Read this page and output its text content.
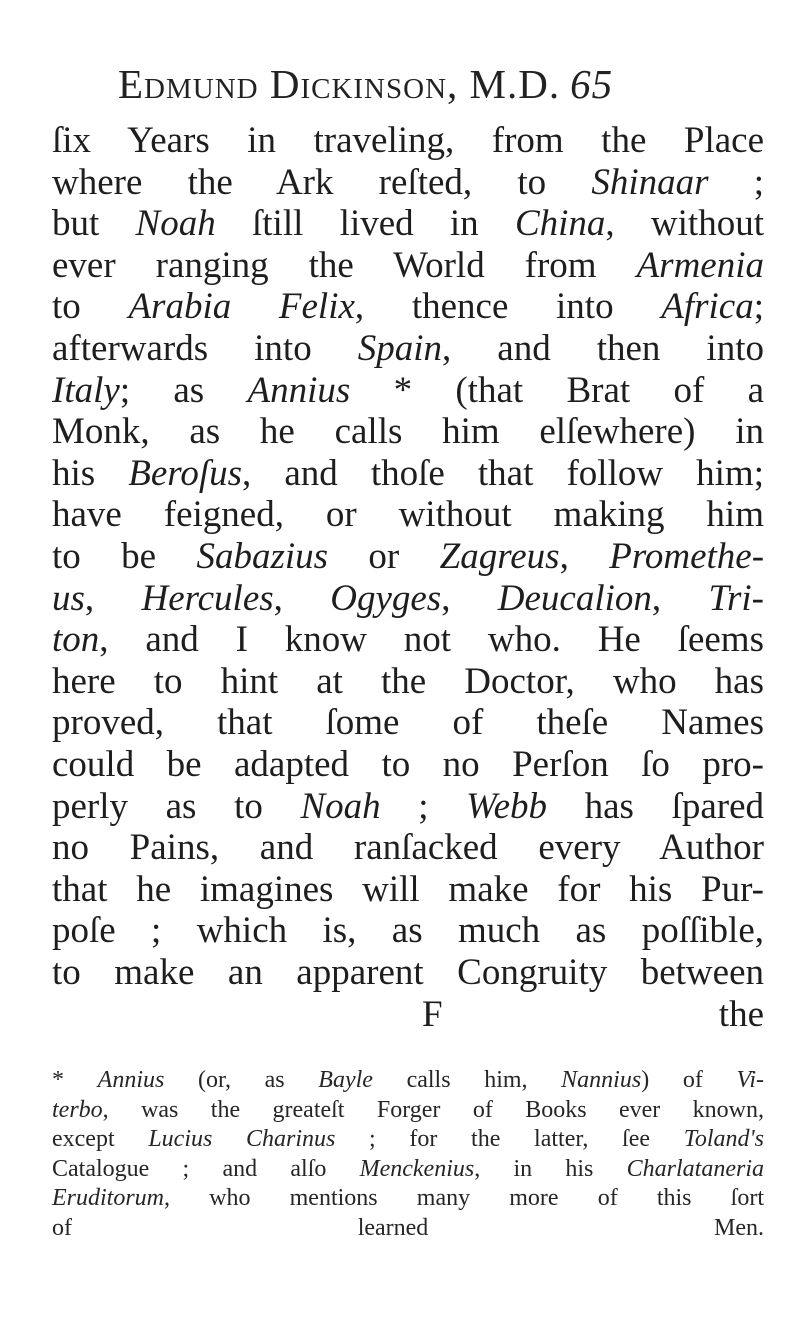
Edmund Dickinson, M.D. 65
ſix Years in traveling, from the Place
where the Ark reſted, to Shinaar ;
but Noah ſtill lived in China, without
ever ranging the World from Armenia
to Arabia Felix, thence into Africa;
afterwards into Spain, and then into
Italy; as Annius * (that Brat of a
Monk, as he calls him elſewhere) in
his Beroſus, and thoſe that follow him;
have feigned, or without making him
to be Sabazius or Zagreus, Promethe-
us, Hercules, Ogyges, Deucalion, Tri-
ton, and I know not who. He ſeems
here to hint at the Doctor, who has
proved, that ſome of theſe Names
could be adapted to no Perſon ſo pro-
perly as to Noah ; Webb has ſpared
no Pains, and ranſacked every Author
that he imagines will make for his Pur-
poſe ; which is, as much as poſſible,
to make an apparent Congruity between
F	the
* Annius (or, as Bayle calls him, Nannius) of Vi-
terbo, was the greateſt Forger of Books ever known,
except Lucius Charinus ; for the latter, ſee Toland's
Catalogue ; and alſo Menckenius, in his Charlataneria
Eruditorum, who mentions many more of this ſort
of learned Men.
